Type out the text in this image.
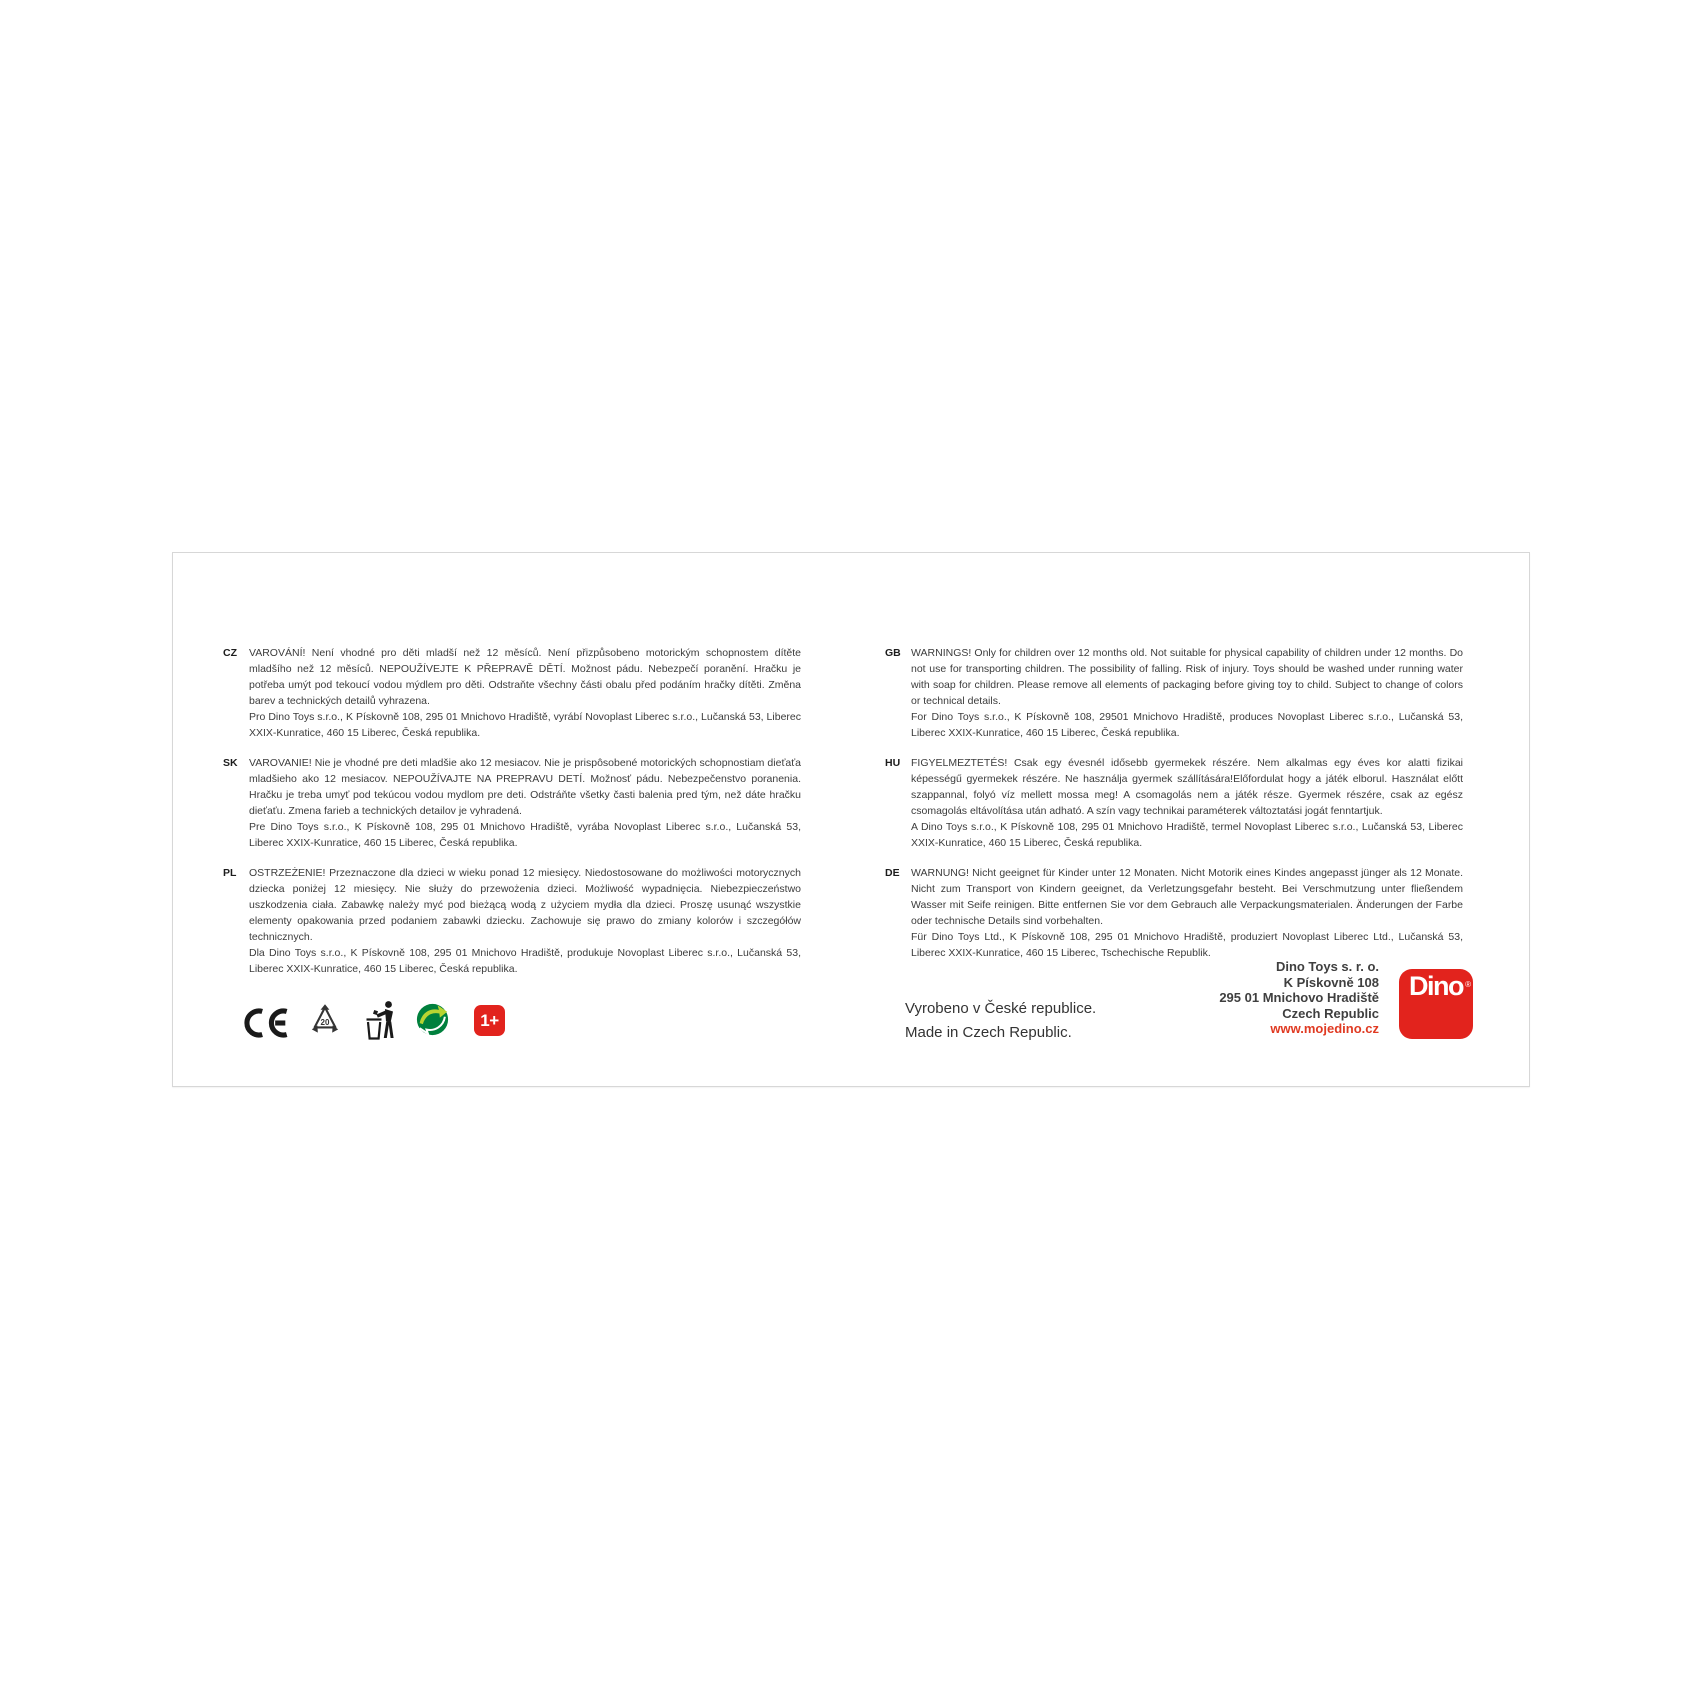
CZ	VAROVÁNÍ! Není vhodné pro děti mladší než 12 měsíců. Není přizpůsobeno motorickým schopnostem dítěte mladšího než 12 měsíců. NEPOUŽÍVEJTE K PŘEPRAVĚ DĚTÍ. Možnost pádu. Nebezpečí poranění. Hračku je potřeba umýt pod tekoucí vodou mýdlem pro děti. Odstraňte všechny části obalu před podáním hračky dítěti. Změna barev a technických detailů vyhrazena.
Pro Dino Toys s.r.o., K Pískovně 108, 295 01 Mnichovo Hradiště, vyrábí Novoplast Liberec s.r.o., Lučanská 53, Liberec XXIX-Kunratice, 460 15 Liberec, Česká republika.
SK	VAROVANIE! Nie je vhodné pre deti mladšie ako 12 mesiacov. Nie je prispôsobené motorických schopnostiam dieťaťa mladšieho ako 12 mesiacov. NEPOUŽÍVAJTE NA PREPRAVU DETÍ. Možnosť pádu. Nebezpečenstvo poranenia. Hračku je treba umyť pod tekúcou vodou mydlom pre deti. Odstráňte všetky časti balenia pred tým, než dáte hračku dieťaťu. Zmena farieb a technických detailov je vyhradená.
Pre Dino Toys s.r.o., K Pískovně 108, 295 01 Mnichovo Hradiště, vyrába Novoplast Liberec s.r.o., Lučanská 53, Liberec XXIX-Kunratice, 460 15 Liberec, Česká republika.
PL	OSTRZEŻENIE! Przeznaczone dla dzieci w wieku ponad 12 miesięcy. Niedostosowane do możliwości motorycznych dziecka poniżej 12 miesięcy. Nie służy do przewożenia dzieci. Możliwość wypadnięcia. Niebezpieczeństwo uszkodzenia ciała. Zabawkę należy myć pod bieżącą wodą z użyciem mydła dla dzieci. Proszę usunąć wszystkie elementy opakowania przed podaniem zabawki dziecku. Zachowuje się prawo do zmiany kolorów i szczegółów technicznych.
Dla Dino Toys s.r.o., K Pískovně 108, 295 01 Mnichovo Hradiště, produkuje Novoplast Liberec s.r.o., Lučanská 53, Liberec XXIX-Kunratice, 460 15 Liberec, Česká republika.
GB WARNINGS! Only for children over 12 months old. Not suitable for physical capability of children under 12 months. Do not use for transporting children. The possibility of falling. Risk of injury. Toys should be washed under running water with soap for children. Please remove all elements of packaging before giving toy to child. Subject to change of colors or technical details.
For Dino Toys s.r.o., K Pískovně 108, 29501 Mnichovo Hradiště, produces Novoplast Liberec s.r.o., Lučanská 53, Liberec XXIX-Kunratice, 460 15 Liberec, Česká republika.
HU	FIGYELMEZTETÉS! Csak egy évesnél idősebb gyermekek részére. Nem alkalmas egy éves kor alatti fizikai képességű gyermekek részére. Ne használja gyermek szállítására!Előfordulat hogy a játék elborul. Használat előtt szappannal, folyó víz mellett mossa meg! A csomagolás nem a játék része. Gyermek részére, csak az egész csomagolás eltávolítása után adható. A szín vagy technikai paraméterek változtatási jogát fenntartjuk.
A Dino Toys s.r.o., K Pískovně 108, 295 01 Mnichovo Hradiště, termel Novoplast Liberec s.r.o., Lučanská 53, Liberec XXIX-Kunratice, 460 15 Liberec, Česká republika.
DE	WARNUNG! Nicht geeignet für Kinder unter 12 Monaten. Nicht Motorik eines Kindes angepasst jünger als 12 Monate. Nicht zum Transport von Kindern geeignet, da Verletzungsgefahr besteht. Bei Verschmutzung unter fließendem Wasser mit Seife reinigen. Bitte entfernen Sie vor dem Gebrauch alle Verpackungsmaterialen. Änderungen der Farbe oder technische Details sind vorbehalten.
Für Dino Toys Ltd., K Pískovně 108, 295 01 Mnichovo Hradiště, produziert Novoplast Liberec Ltd., Lučanská 53, Liberec XXIX-Kunratice, 460 15 Liberec, Tschechische Republik.
20	1+
Vyrobeno v České republice.
Made in Czech Republic.
Dino Toys s. r. o.
K Pískovně 108
295 01 Mnichovo Hradiště
Czech Republic
www.mojedino.cz
Dino ®
